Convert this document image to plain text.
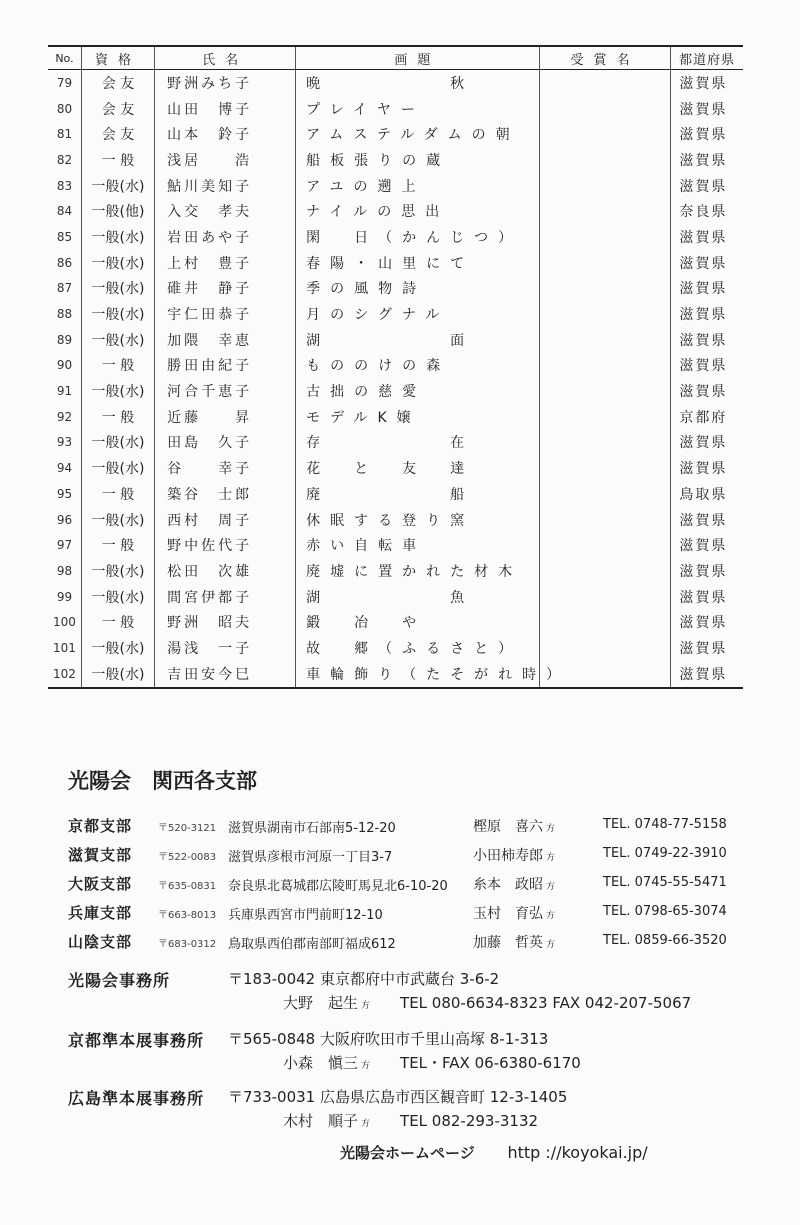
No.	資格	氏名	画題	受賞名	都道府県
79	会 友	野洲みち子	晩　　　　　秋		滋賀県
80	会 友	山田　博子	プレイヤー		滋賀県
81	会 友	山本　鈴子	アムステルダムの朝		滋賀県
82	一 般	浅居　　浩	船板張りの蔵		滋賀県
83	一般(水)	鮎川美知子	アユの遡上		滋賀県
84	一般(他)	入交　孝夫	ナイルの思出		奈良県
85	一般(水)	岩田あや子	閑　日（かんじつ）		滋賀県
86	一般(水)	上村　豊子	春陽・山里にて		滋賀県
87	一般(水)	碓井　静子	季の風物詩		滋賀県
88	一般(水)	宇仁田恭子	月のシグナル		滋賀県
89	一般(水)	加隈　幸恵	湖　　　　　面		滋賀県
90	一 般	勝田由紀子	もののけの森		滋賀県
91	一般(水)	河合千恵子	古拙の慈愛		滋賀県
92	一 般	近藤　　昇	モデルK嬢		京都府
93	一般(水)	田島　久子	存　　　　　在		滋賀県
94	一般(水)	谷　　幸子	花　と　友　達		滋賀県
95	一 般	築谷　士郎	廃　　　　　船		鳥取県
96	一般(水)	西村　周子	休眠する登り窯		滋賀県
97	一 般	野中佐代子	赤い自転車		滋賀県
98	一般(水)	松田　次雄	廃墟に置かれた材木		滋賀県
99	一般(水)	間宮伊都子	湖　　　　　魚		滋賀県
100	一 般	野洲　昭夫	鍛　冶　や		滋賀県
101	一般(水)	湯浅　一子	故　郷（ふるさと）		滋賀県
102	一般(水)	吉田安今巳	車輪飾り（たそがれ時）		滋賀県
光陽会　関西各支部
京都支部	〒520-3121 滋賀県湖南市石部南5-12-20	樫原　喜六 方	TEL. 0748-77-5158
滋賀支部	〒522-0083 滋賀県彦根市河原一丁目3-7	小田柿寿郎 方	TEL. 0749-22-3910
大阪支部	〒635-0831 奈良県北葛城郡広陵町馬見北6-10-20 糸本　政昭 方	TEL. 0745-55-5471
兵庫支部	〒663-8013 兵庫県西宮市門前町12-10	玉村　育弘 方	TEL. 0798-65-3074
山陰支部	〒683-0312 鳥取県西伯郡南部町福成612	加藤　哲英 方	TEL. 0859-66-3520
光陽会事務所	〒183-0042 東京都府中市武蔵台 3-6-2
大野　起生 方 TEL 080-6634-8323 FAX 042-207-5067
京都準本展事務所 〒565-0848 大阪府吹田市千里山高塚 8-1-313
小森　愼三 方 TEL・FAX 06-6380-6170
広島準本展事務所 〒733-0031 広島県広島市西区観音町 12-3-1405
木村　順子 方 TEL 082-293-3132
光陽会ホームページ http ://koyokai.jp/
